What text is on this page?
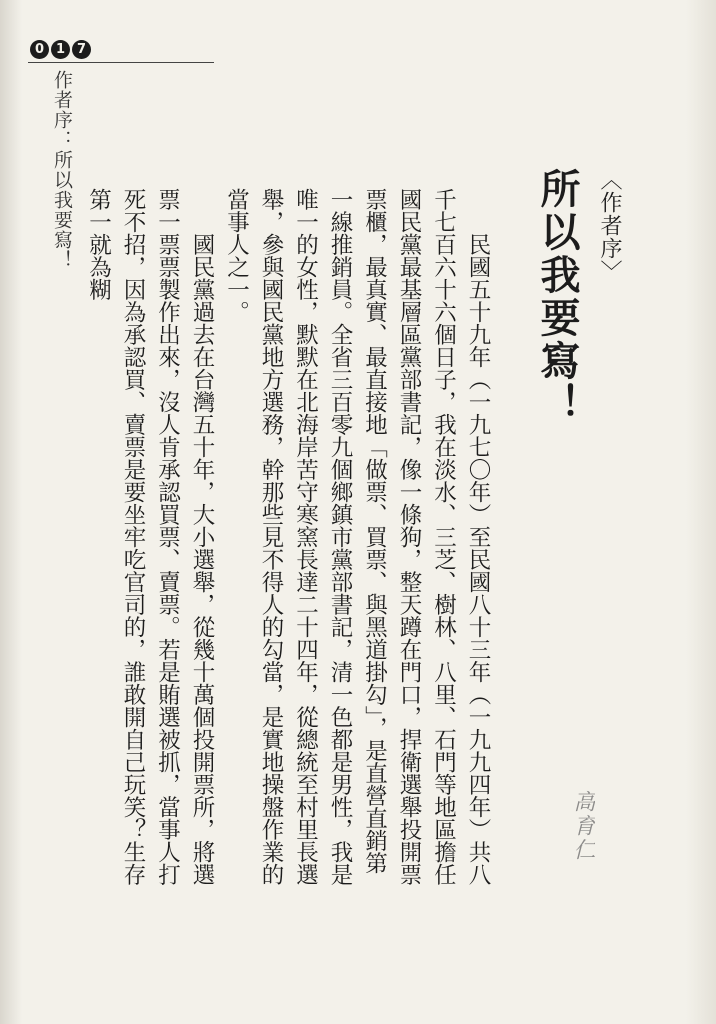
0 1 7
作者序：所以我要寫！	〈作者序〉
所以我要寫！
高育仁

　　民國五十九年（一九七〇年）至民國八十三年（一九九四年）共八千七百六十六個日子，我在淡水、三芝、樹林、八里、石門等地區擔任國民黨最基層區黨部書記，像一條狗，整天蹲在門口，捍衛選舉投開票票櫃，最真實、最直接地「做票、買票、與黑道掛勾」，是直營直銷第一線推銷員。全省三百零九個鄉鎮市黨部書記，清一色都是男性，我是唯一的女性，默默在北海岸苦守寒窯長達二十四年，從總統至村里長選舉，參與國民黨地方選務，幹那些見不得人的勾當，是實地操盤作業的當事人之一。

　　國民黨過去在台灣五十年，大小選舉，從幾十萬個投開票所，將選票一票票製作出來，沒人肯承認買票、賣票。若是賄選被抓，當事人打死不招，因為承認買、賣票是要坐牢吃官司的，誰敢開自己玩笑？生存第一就為糊
